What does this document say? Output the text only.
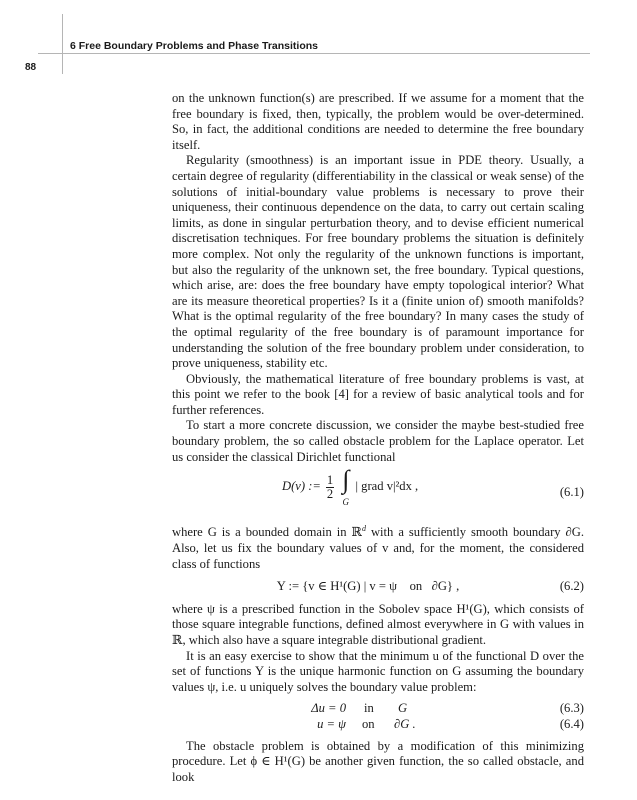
6 Free Boundary Problems and Phase Transitions
88

on the unknown function(s) are prescribed. If we assume for a moment that the free boundary is fixed, then, typically, the problem would be over-determined. So, in fact, the additional conditions are needed to determine the free boundary itself.

Regularity (smoothness) is an important issue in PDE theory. Usually, a certain degree of regularity (differentiability in the classical or weak sense) of the solutions of initial-boundary value problems is necessary to prove their uniqueness, their continuous dependence on the data, to carry out certain scaling limits, as done in singular perturbation theory, and to devise efficient numerical discretisation techniques. For free boundary problems the situation is definitely more complex. Not only the regularity of the unknown functions is important, but also the regularity of the unknown set, the free boundary. Typical questions, which arise, are: does the free boundary have empty topological interior? What are its measure theoretical properties? Is it a (finite union of) smooth manifolds? What is the optimal regularity of the free boundary? In many cases the study of the optimal regularity of the free boundary is of paramount importance for understanding the solution of the free boundary problem under consideration, to prove uniqueness, stability etc.

Obviously, the mathematical literature of free boundary problems is vast, at this point we refer to the book [4] for a review of basic analytical tools and for further references.

To start a more concrete discussion, we consider the maybe best-studied free boundary problem, the so called obstacle problem for the Laplace operator. Let us consider the classical Dirichlet functional

D(v) := $\frac{1}{2}$
∫
G
| grad v|²dx ,	(6.1)

where G is a bounded domain in ℝ$^d$ with a sufficiently smooth boundary ∂G. Also, let us fix the boundary values of v and, for the moment, the considered class of functions

Y := {v ∈ H¹(G) | v = ψ    on   ∂G} ,	(6.2)

where ψ is a prescribed function in the Sobolev space H¹(G), which consists of those square integrable functions, defined almost everywhere in G with values in ℝ, which also have a square integrable distributional gradient.

It is an easy exercise to show that the minimum u of the functional D over the set of functions Y is the unique harmonic function on G assuming the boundary values ψ, i.e. u uniquely solves the boundary value problem:

Δu = 0 in G	(6.3)
u = ψ on ∂G .	(6.4)

The obstacle problem is obtained by a modification of this minimizing procedure. Let ϕ ∈ H¹(G) be another given function, the so called obstacle, and look
